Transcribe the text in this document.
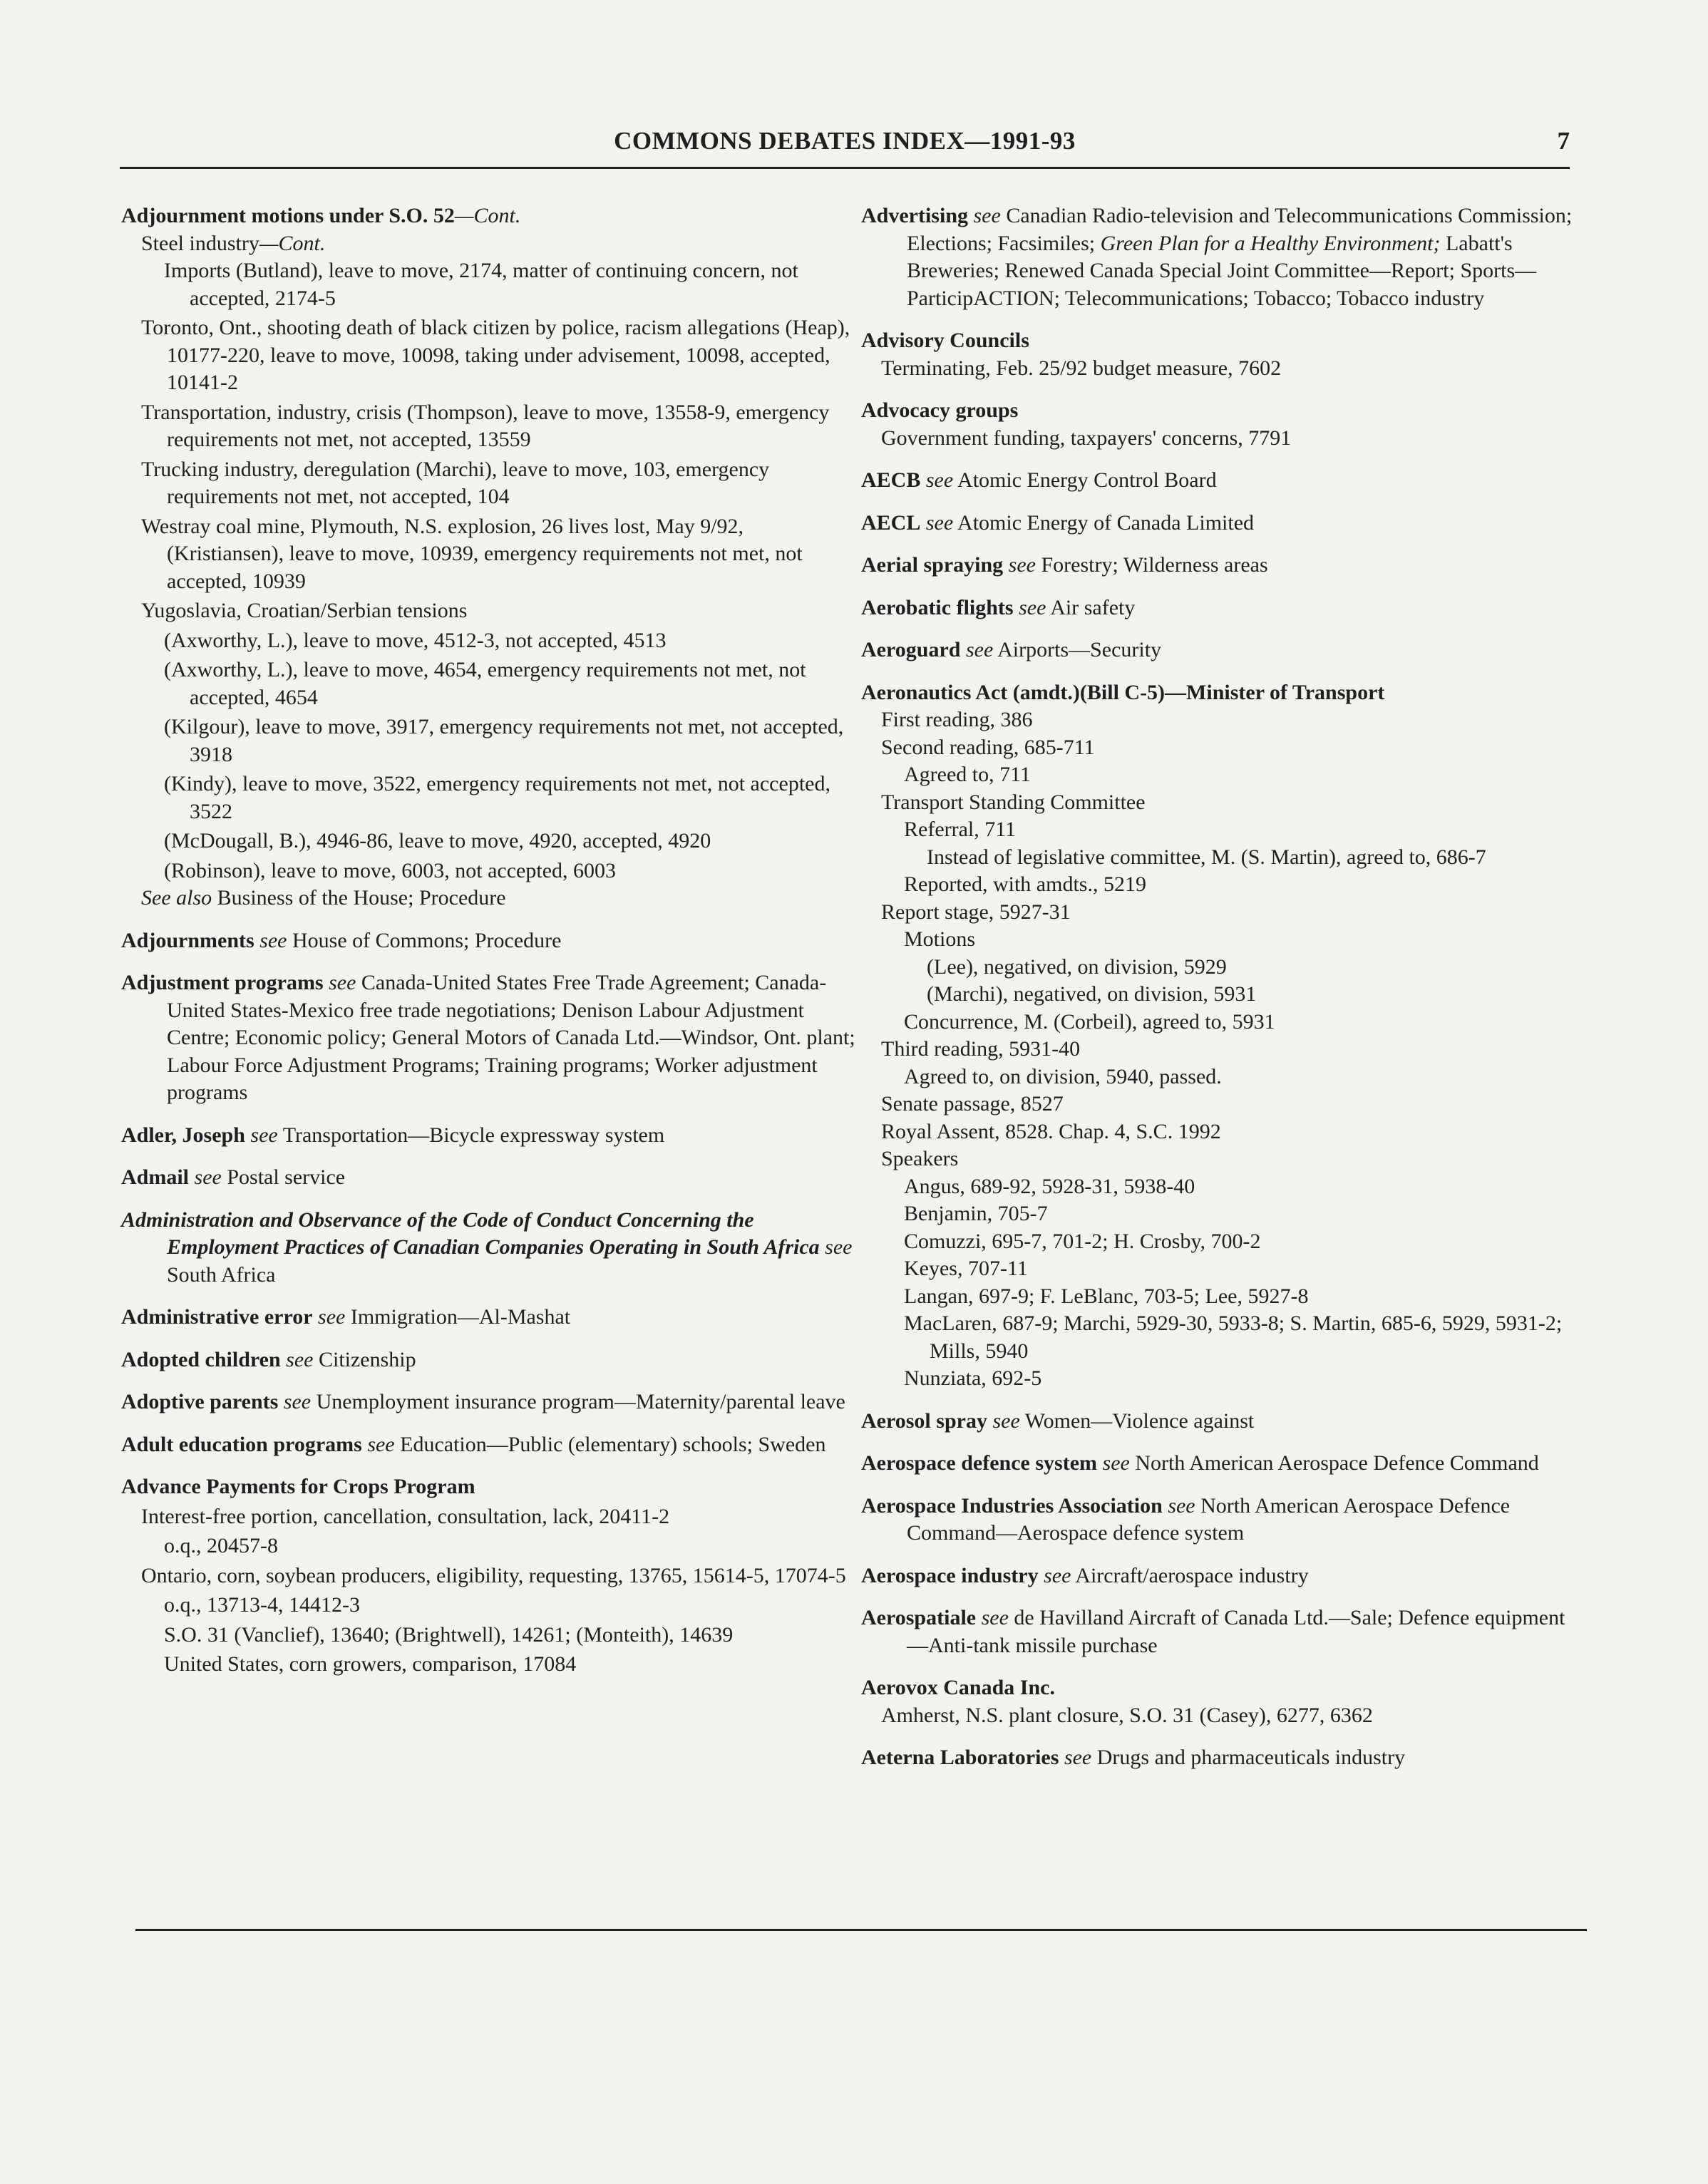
COMMONS DEBATES INDEX—1991-93	7
Adjournment motions under S.O. 52—Cont.
Steel industry—Cont.
Imports (Butland), leave to move, 2174, matter of continuing concern, not accepted, 2174-5
Toronto, Ont., shooting death of black citizen by police, racism allegations (Heap), 10177-220, leave to move, 10098, taking under advisement, 10098, accepted, 10141-2
Transportation, industry, crisis (Thompson), leave to move, 13558-9, emergency requirements not met, not accepted, 13559
Trucking industry, deregulation (Marchi), leave to move, 103, emergency requirements not met, not accepted, 104
Westray coal mine, Plymouth, N.S. explosion, 26 lives lost, May 9/92, (Kristiansen), leave to move, 10939, emergency requirements not met, not accepted, 10939
Yugoslavia, Croatian/Serbian tensions
(Axworthy, L.), leave to move, 4512-3, not accepted, 4513
(Axworthy, L.), leave to move, 4654, emergency requirements not met, not accepted, 4654
(Kilgour), leave to move, 3917, emergency requirements not met, not accepted, 3918
(Kindy), leave to move, 3522, emergency requirements not met, not accepted, 3522
(McDougall, B.), 4946-86, leave to move, 4920, accepted, 4920
(Robinson), leave to move, 6003, not accepted, 6003
See also Business of the House; Procedure
Adjournments see House of Commons; Procedure
Adjustment programs see Canada-United States Free Trade Agreement; Canada-United States-Mexico free trade negotiations; Denison Labour Adjustment Centre; Economic policy; General Motors of Canada Ltd.—Windsor, Ont. plant; Labour Force Adjustment Programs; Training programs; Worker adjustment programs
Adler, Joseph see Transportation—Bicycle expressway system
Admail see Postal service
Administration and Observance of the Code of Conduct Concerning the Employment Practices of Canadian Companies Operating in South Africa see South Africa
Administrative error see Immigration—Al-Mashat
Adopted children see Citizenship
Adoptive parents see Unemployment insurance program—Maternity/parental leave
Adult education programs see Education—Public (elementary) schools; Sweden
Advance Payments for Crops Program
Interest-free portion, cancellation, consultation, lack, 20411-2
o.q., 20457-8
Ontario, corn, soybean producers, eligibility, requesting, 13765, 15614-5, 17074-5
o.q., 13713-4, 14412-3
S.O. 31 (Vanclief), 13640; (Brightwell), 14261; (Monteith), 14639
United States, corn growers, comparison, 17084
Advertising see Canadian Radio-television and Telecommunications Commission; Elections; Facsimiles; Green Plan for a Healthy Environment; Labatt's Breweries; Renewed Canada Special Joint Committee—Report; Sports—ParticipACTION; Telecommunications; Tobacco; Tobacco industry
Advisory Councils
Terminating, Feb. 25/92 budget measure, 7602
Advocacy groups
Government funding, taxpayers' concerns, 7791
AECB see Atomic Energy Control Board
AECL see Atomic Energy of Canada Limited
Aerial spraying see Forestry; Wilderness areas
Aerobatic flights see Air safety
Aeroguard see Airports—Security
Aeronautics Act (amdt.)(Bill C-5)—Minister of Transport
First reading, 386
Second reading, 685-711
Agreed to, 711
Transport Standing Committee
Referral, 711
Instead of legislative committee, M. (S. Martin), agreed to, 686-7
Reported, with amdts., 5219
Report stage, 5927-31
Motions
(Lee), negatived, on division, 5929
(Marchi), negatived, on division, 5931
Concurrence, M. (Corbeil), agreed to, 5931
Third reading, 5931-40
Agreed to, on division, 5940, passed.
Senate passage, 8527
Royal Assent, 8528. Chap. 4, S.C. 1992
Speakers
Angus, 689-92, 5928-31, 5938-40
Benjamin, 705-7
Comuzzi, 695-7, 701-2; H. Crosby, 700-2
Keyes, 707-11
Langan, 697-9; F. LeBlanc, 703-5; Lee, 5927-8
MacLaren, 687-9; Marchi, 5929-30, 5933-8; S. Martin, 685-6, 5929, 5931-2; Mills, 5940
Nunziata, 692-5
Aerosol spray see Women—Violence against
Aerospace defence system see North American Aerospace Defence Command
Aerospace Industries Association see North American Aerospace Defence Command—Aerospace defence system
Aerospace industry see Aircraft/aerospace industry
Aerospatiale see de Havilland Aircraft of Canada Ltd.—Sale; Defence equipment—Anti-tank missile purchase
Aerovox Canada Inc.
Amherst, N.S. plant closure, S.O. 31 (Casey), 6277, 6362
Aeterna Laboratories see Drugs and pharmaceuticals industry
